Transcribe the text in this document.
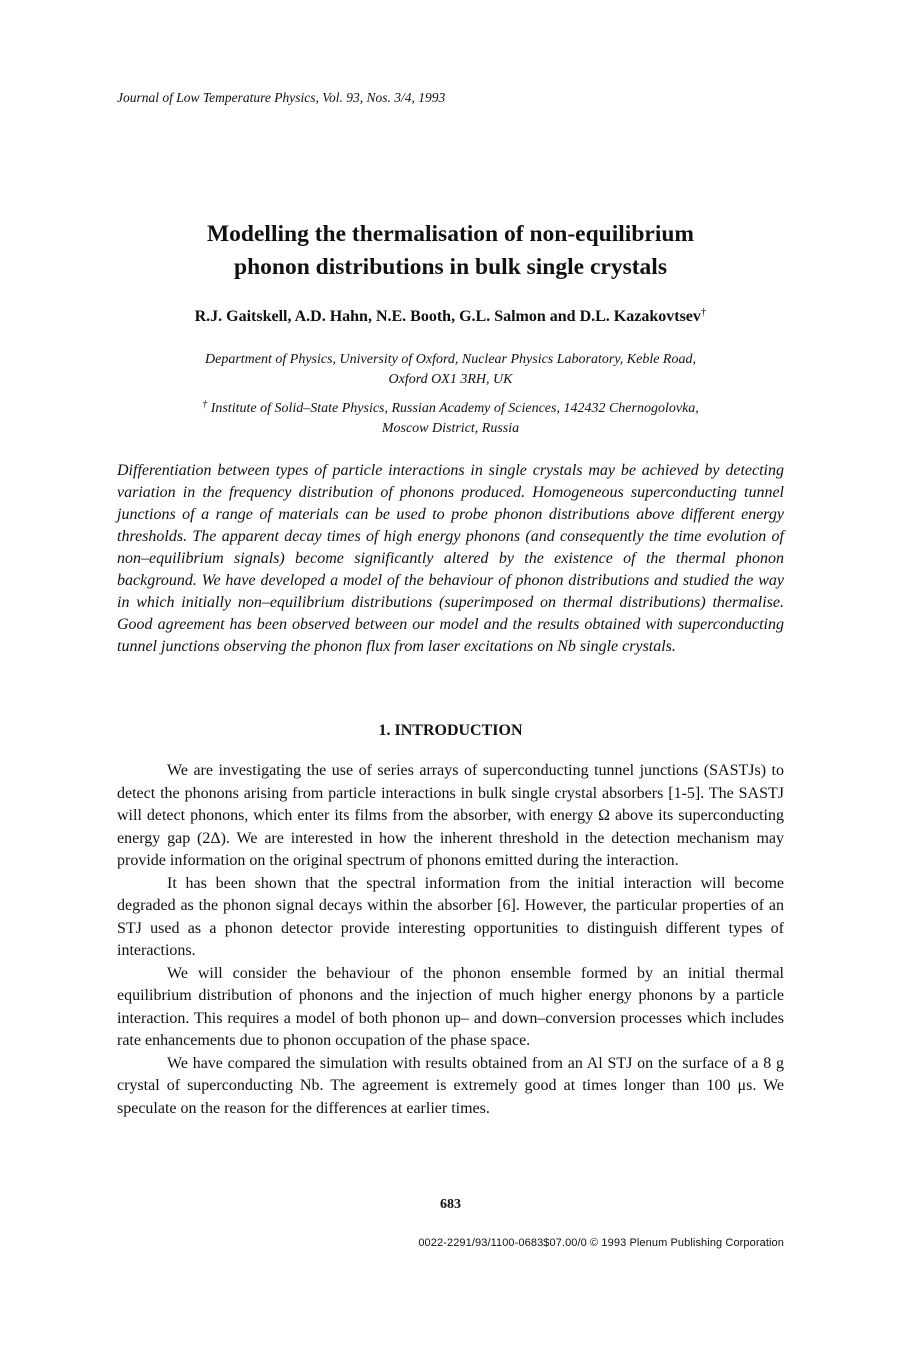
Journal of Low Temperature Physics, Vol. 93, Nos. 3/4, 1993
Modelling the thermalisation of non-equilibrium
phonon distributions in bulk single crystals
R.J. Gaitskell, A.D. Hahn, N.E. Booth, G.L. Salmon and D.L. Kazakovtsev†
Department of Physics, University of Oxford, Nuclear Physics Laboratory, Keble Road,
Oxford OX1 3RH, UK
† Institute of Solid–State Physics, Russian Academy of Sciences, 142432 Chernogolovka,
Moscow District, Russia
Differentiation between types of particle interactions in single crystals may be achieved by detecting variation in the frequency distribution of phonons produced. Homogeneous superconducting tunnel junctions of a range of materials can be used to probe phonon distributions above different energy thresholds. The apparent decay times of high energy phonons (and consequently the time evolution of non–equilibrium signals) become significantly altered by the existence of the thermal phonon background. We have developed a model of the behaviour of phonon distributions and studied the way in which initially non–equilibrium distributions (superimposed on thermal distributions) thermalise. Good agreement has been observed between our model and the results obtained with superconducting tunnel junctions observing the phonon flux from laser excitations on Nb single crystals.
1. INTRODUCTION

We are investigating the use of series arrays of superconducting tunnel junctions (SASTJs) to detect the phonons arising from particle interactions in bulk single crystal absorbers [1-5]. The SASTJ will detect phonons, which enter its films from the absorber, with energy Ω above its superconducting energy gap (2Δ). We are interested in how the inherent threshold in the detection mechanism may provide information on the original spectrum of phonons emitted during the interaction.

It has been shown that the spectral information from the initial interaction will become degraded as the phonon signal decays within the absorber [6]. However, the particular properties of an STJ used as a phonon detector provide interesting opportunities to distinguish different types of interactions.

We will consider the behaviour of the phonon ensemble formed by an initial thermal equilibrium distribution of phonons and the injection of much higher energy phonons by a particle interaction. This requires a model of both phonon up– and down–conversion processes which includes rate enhancements due to phonon occupation of the phase space.

We have compared the simulation with results obtained from an Al STJ on the surface of a 8 g crystal of superconducting Nb. The agreement is extremely good at times longer than 100 μs. We speculate on the reason for the differences at earlier times.

683
0022-2291/93/1100-0683$07.00/0 © 1993 Plenum Publishing Corporation
